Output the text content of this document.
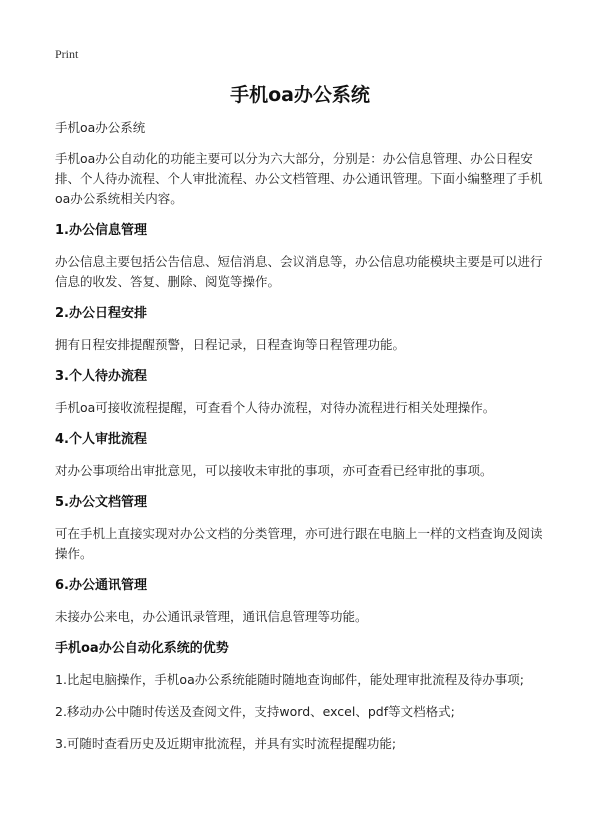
Print
手机oa办公系统

手机oa办公系统

手机oa办公自动化的功能主要可以分为六大部分，分别是：办公信息管理、办公日程安排、个人待办流程、个人审批流程、办公文档管理、办公通讯管理。下面小编整理了手机oa办公系统相关内容。

1.办公信息管理

办公信息主要包括公告信息、短信消息、会议消息等，办公信息功能模块主要是可以进行信息的收发、答复、删除、阅览等操作。

2.办公日程安排

拥有日程安排提醒预警，日程记录，日程查询等日程管理功能。

3.个人待办流程

手机oa可接收流程提醒，可查看个人待办流程，对待办流程进行相关处理操作。

4.个人审批流程

对办公事项给出审批意见，可以接收未审批的事项，亦可查看已经审批的事项。

5.办公文档管理

可在手机上直接实现对办公文档的分类管理，亦可进行跟在电脑上一样的文档查询及阅读操作。

6.办公通讯管理

未接办公来电，办公通讯录管理，通讯信息管理等功能。

手机oa办公自动化系统的优势

1.比起电脑操作，手机oa办公系统能随时随地查询邮件，能处理审批流程及待办事项;

2.移动办公中随时传送及查阅文件，支持word、excel、pdf等文档格式;

3.可随时查看历史及近期审批流程，并具有实时流程提醒功能;
